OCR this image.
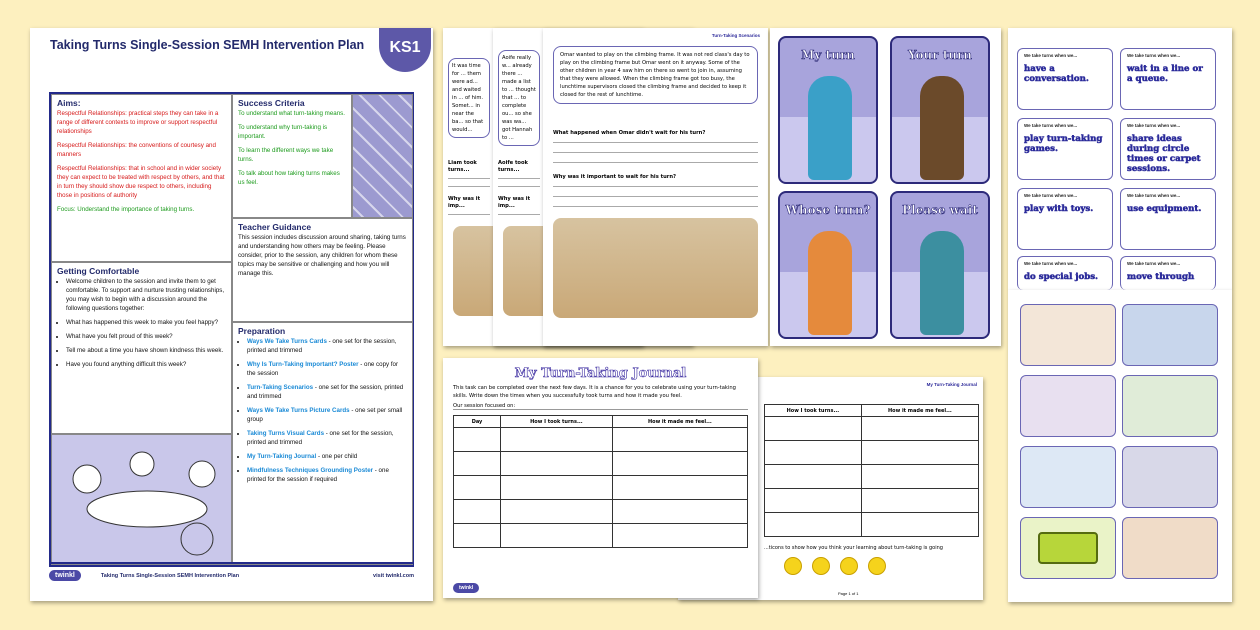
Taking Turns Single-Session SEMH Intervention Plan	KS1
Aims:
Respectful Relationships: practical steps they can take in a range of different contexts to improve or support respectful relationships
Respectful Relationships: the conventions of courtesy and manners
Respectful Relationships: that in school and in wider society they can expect to be treated with respect by others, and that in turn they should show due respect to others, including those in positions of authority
Focus: Understand the importance of taking turns.
Success Criteria
To understand what turn-taking means.
To understand why turn-taking is important.
To learn the different ways we take turns.
To talk about how taking turns makes us feel.
Teacher Guidance
This session includes discussion around sharing, taking turns and understanding how others may be feeling. Please consider, prior to the session, any children for whom these topics may be sensitive or challenging and how you will manage this.
Getting Comfortable
• Welcome children to the session and invite them to get comfortable. To support and nurture trusting relationships, you may wish to begin with a discussion around the following questions together:
• What has happened this week to make you feel happy?
• What have you felt proud of this week?
• Tell me about a time you have shown kindness this week.
• Have you found anything difficult this week?
Preparation
• Ways We Take Turns Cards - one set for the session, printed and trimmed
• Why Is Turn-Taking Important? Poster - one copy for the session
• Turn-Taking Scenarios - one set for the session, printed and trimmed
• Ways We Take Turns Picture Cards - one set per small group
• Taking Turns Visual Cards - one set for the session, printed and trimmed
• My Turn-Taking Journal - one per child
• Mindfulness Techniques Grounding Poster - one printed for the session if required
twinkl	Taking Turns Single-Session SEMH Intervention Plan	visit twinkl.com
It was time for ... them were ad... and waited in ... of him. Somet... in near the ba... so that would...
Liam took turns...
Why was it imp...
Aoife really w... already there ... made a list to ... thought that ... to complete ou... so she was wa... got Hannah to ...
Aoife took turns...
Why was it imp...
Turn-Taking Scenarios
Omar wanted to play on the climbing frame. It was not red class's day to play on the climbing frame but Omar went on it anyway. Some of the other children in year 4 saw him on there so went to join in, assuming that they were allowed. When the climbing frame got too busy, the lunchtime supervisors closed the climbing frame and decided to keep it closed for the rest of lunchtime.
What happened when Omar didn't wait for his turn?
Why was it important to wait for his turn?
My turn	Your turn
Whose turn?	Please wait
We take turns when we...
have a conversation.
We take turns when we...
wait in a line or a queue.
We take turns when we...
play turn-taking games.
We take turns when we...
share ideas during circle times or carpet sessions.
We take turns when we...
play with toys.
We take turns when we...
use equipment.
We take turns when we...
do special jobs.
We take turns when we...
move through
My Turn-Taking Journal
How I took turns...	How it made me feel...

...ticons to show how you think your learning about turn-taking is going
Page 1 of 1
My Turn-Taking Journal
This task can be completed over the next few days. It is a chance for you to celebrate using your turn-taking skills. Write down the times when you successfully took turns and how it made you feel.
Our session focused on:
Day	How I took turns...	How it made me feel...

twinkl
